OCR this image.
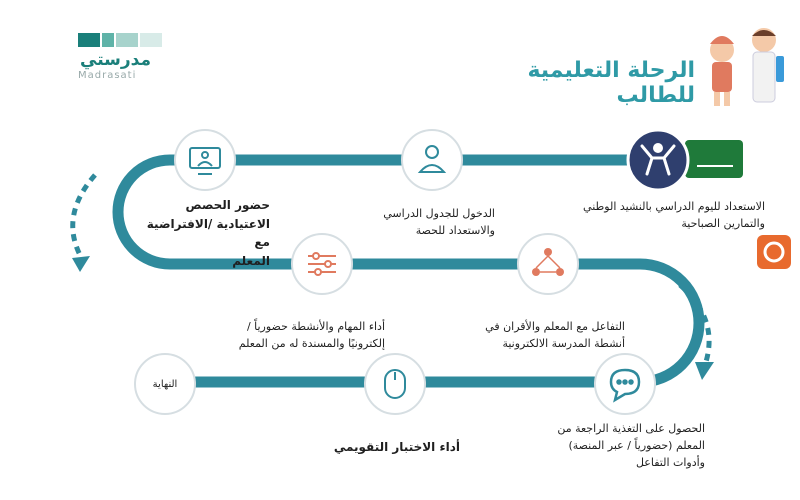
مدرستي
Madrasati	الرحلة التعليمية للطالب
الاستعداد لليوم الدراسي بالنشيد الوطني
والتمارين الصباحية
الدخول للجدول الدراسي
والاستعداد للحصة
حضور الحصص
الاعتيادية /الافتراضية مع
المعلم
أداء المهام والأنشطة حضورياً /
إلكترونيًا والمسندة له من المعلم
التفاعل مع المعلم والأقران في
أنشطة المدرسة الالكترونية
الحصول على التغذية الراجعة من
المعلم (حضورياً / عبر المنصة)
وأدوات التفاعل
أداء الاختبار التقويمي
النهاية
